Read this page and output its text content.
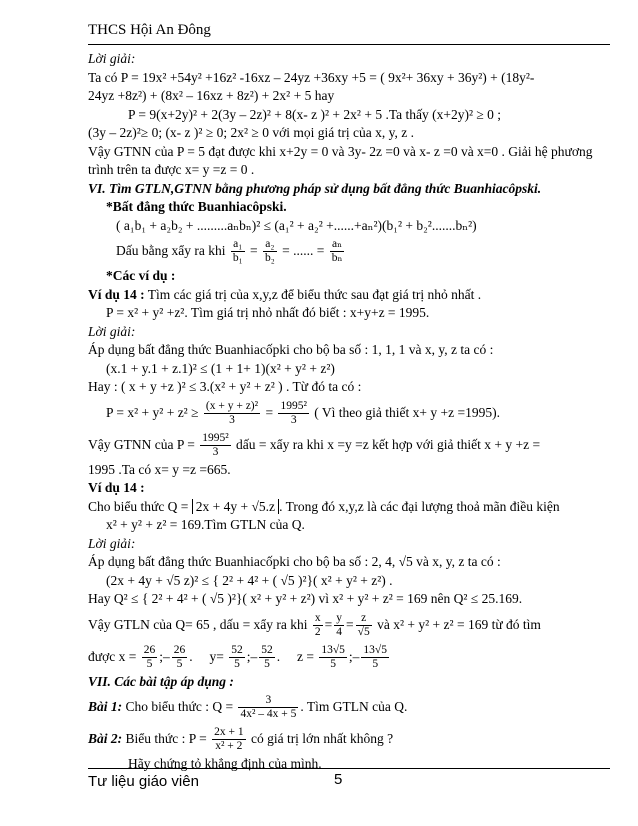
THCS Hội An Đông
Lời giải:
Ta có P = 19x² +54y² +16z² -16xz – 24yz +36xy +5 = ( 9x²+ 36xy + 36y²) + (18y²-
24yz +8z²) + (8x² – 16xz + 8z²) + 2x² + 5 hay
P = 9(x+2y)² + 2(3y – 2z)² + 8(x- z )² + 2x² + 5 .Ta thấy (x+2y)² ≥ 0 ;
(3y – 2z)²≥ 0; (x- z )² ≥ 0; 2x² ≥ 0 với mọi giá trị của x, y, z .
Vậy GTNN của P = 5 đạt được khi x+2y = 0 và 3y- 2z =0 và x- z =0 và x=0 . Giải hệ phương trình trên ta được x= y =z = 0 .
VI. Tìm GTLN,GTNN bằng phương pháp sử dụng bất đẳng thức Buanhiacôpski.
*Bất đẳng thức Buanhiacôpski.
( a₁b₁ + a₂b₂ + .........aₙbₙ)² ≤ (a₁² + a₂² +......+aₙ²)(b₁² + b₂².......bₙ²)
Dấu bằng xẩy ra khi $\frac{\text{a₁}}{\text{b₁}} = \frac{\text{a₂}}{\text{b₂}}$ = ...... = $\frac{\text{aₙ}}{\text{bₙ}}$
*Các ví dụ :
Ví dụ 14 : Tìm các giá trị của x,y,z để biểu thức sau đạt giá trị nhỏ nhất .
P = x² + y² +z². Tìm giá trị nhỏ nhất đó biết : x+y+z = 1995.
Lời giải:
Áp dụng bất đẳng thức Buanhiacốpki cho bộ ba số : 1, 1, 1 và x, y, z ta có :
(x.1 + y.1 + z.1)² ≤ (1 + 1+ 1)(x² + y² + z²)
Hay : ( x + y +z )² ≤ 3.(x² + y² + z² ) . Từ đó ta có :
$P = x^2 + y^2 + z^2 \ge \frac{\text{(x + y + z)²}}{3} = \frac{\text{1995²}}{3}$ ( Vì theo giả thiết x+ y +z =1995).
Vậy GTNN của $P = \frac{\text{1995²}}{3}$ dấu = xẩy ra khi x =y =z kết hợp với giả thiết x + y +z =
1995 .Ta có x= y =z =665.
Ví dụ 14 :
Cho biểu thức Q = 2x + 4y + √5.z . Trong đó x,y,z là các đại lượng thoả mãn điều kiện
x² + y² + z² = 169.Tìm GTLN của Q.
Lời giải:
Áp dụng bất đẳng thức Buanhiacốpki cho bộ ba số : 2, 4, √5 và x, y, z ta có :
(2x + 4y + √5 z)² ≤ { 2² + 4² + ( √5 )²}( x² + y² + z²) .
Hay Q² ≤ { 2² + 4² + ( √5 )²}( x² + y² + z²) vì x² + y² + z² = 169 nên Q² ≤ 25.169.
Vậy GTLN của Q= 65 , dấu = xẩy ra khi $\frac{x}{2} = \frac{y}{4} = \frac{z}{√5}$ và x² + y² + z² = 169 từ đó tìm
được $x = \frac{26}{5}$ ;– $\frac{26}{5}$ . $y= \frac{52}{5}$ ;– $\frac{52}{5}$ . $z = \frac{13√5}{5}$ ;– $\frac{13√5}{5}$
VII. Các bài tập áp dụng :
Bài 1: Cho biểu thức : $Q = \frac{3}{\text{4x² – 4x + 5}}$ . Tìm GTLN của Q.
Bài 2: Biểu thức : $P = \frac{2x + 1}{\text{x² + 2}}$ có giá trị lớn nhất không ?
Hãy chứng tỏ khẳng định của mình.
Tư liệu giáo viên	5
